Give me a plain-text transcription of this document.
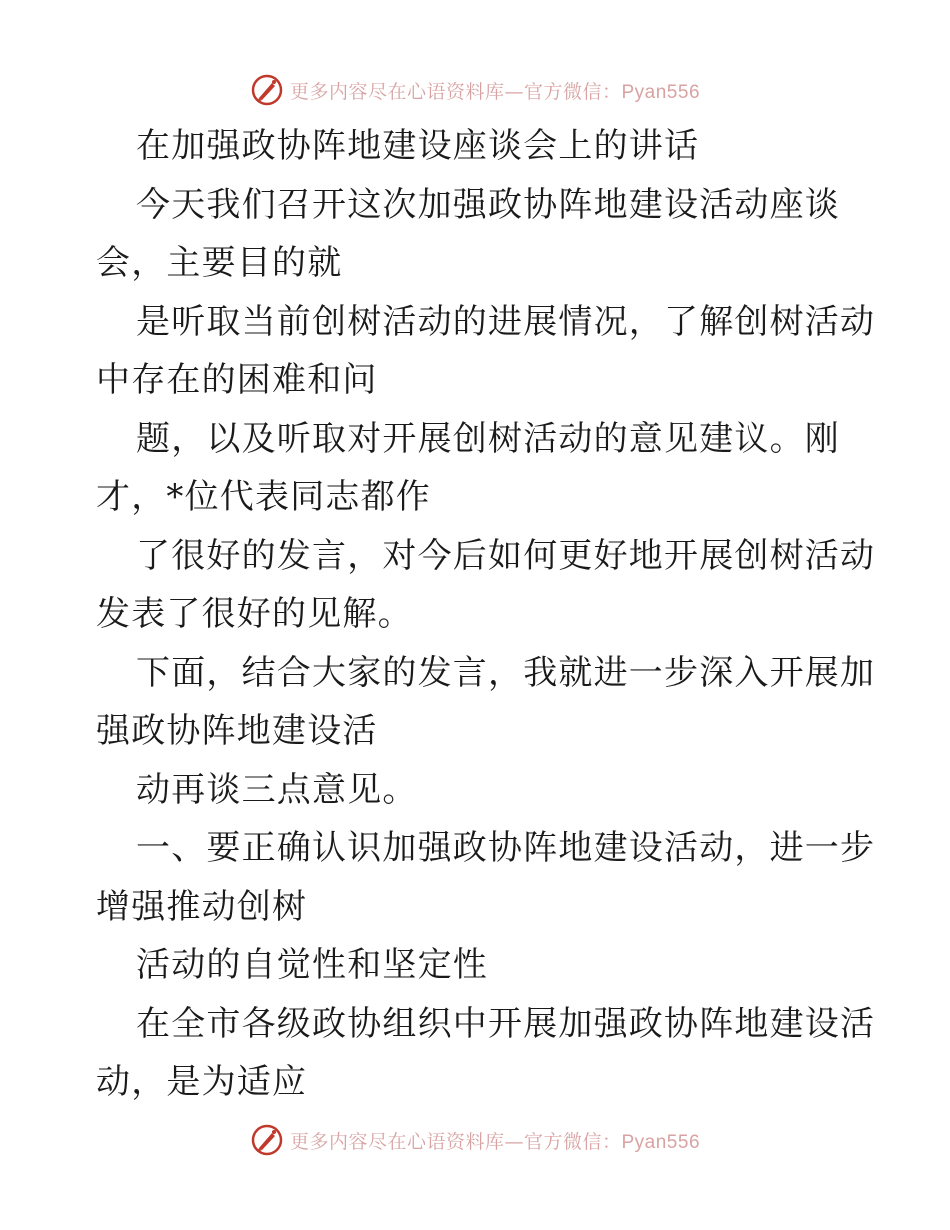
更多内容尽在心语资料库—官方微信：Pyan556
在加强政协阵地建设座谈会上的讲话
今天我们召开这次加强政协阵地建设活动座谈
会，主要目的就
是听取当前创树活动的进展情况，了解创树活动
中存在的困难和问
题，以及听取对开展创树活动的意见建议。刚
才，*位代表同志都作
了很好的发言，对今后如何更好地开展创树活动
发表了很好的见解。
下面，结合大家的发言，我就进一步深入开展加
强政协阵地建设活
动再谈三点意见。
一、要正确认识加强政协阵地建设活动，进一步
增强推动创树
活动的自觉性和坚定性
在全市各级政协组织中开展加强政协阵地建设活
动，是为适应
更多内容尽在心语资料库—官方微信：Pyan556
